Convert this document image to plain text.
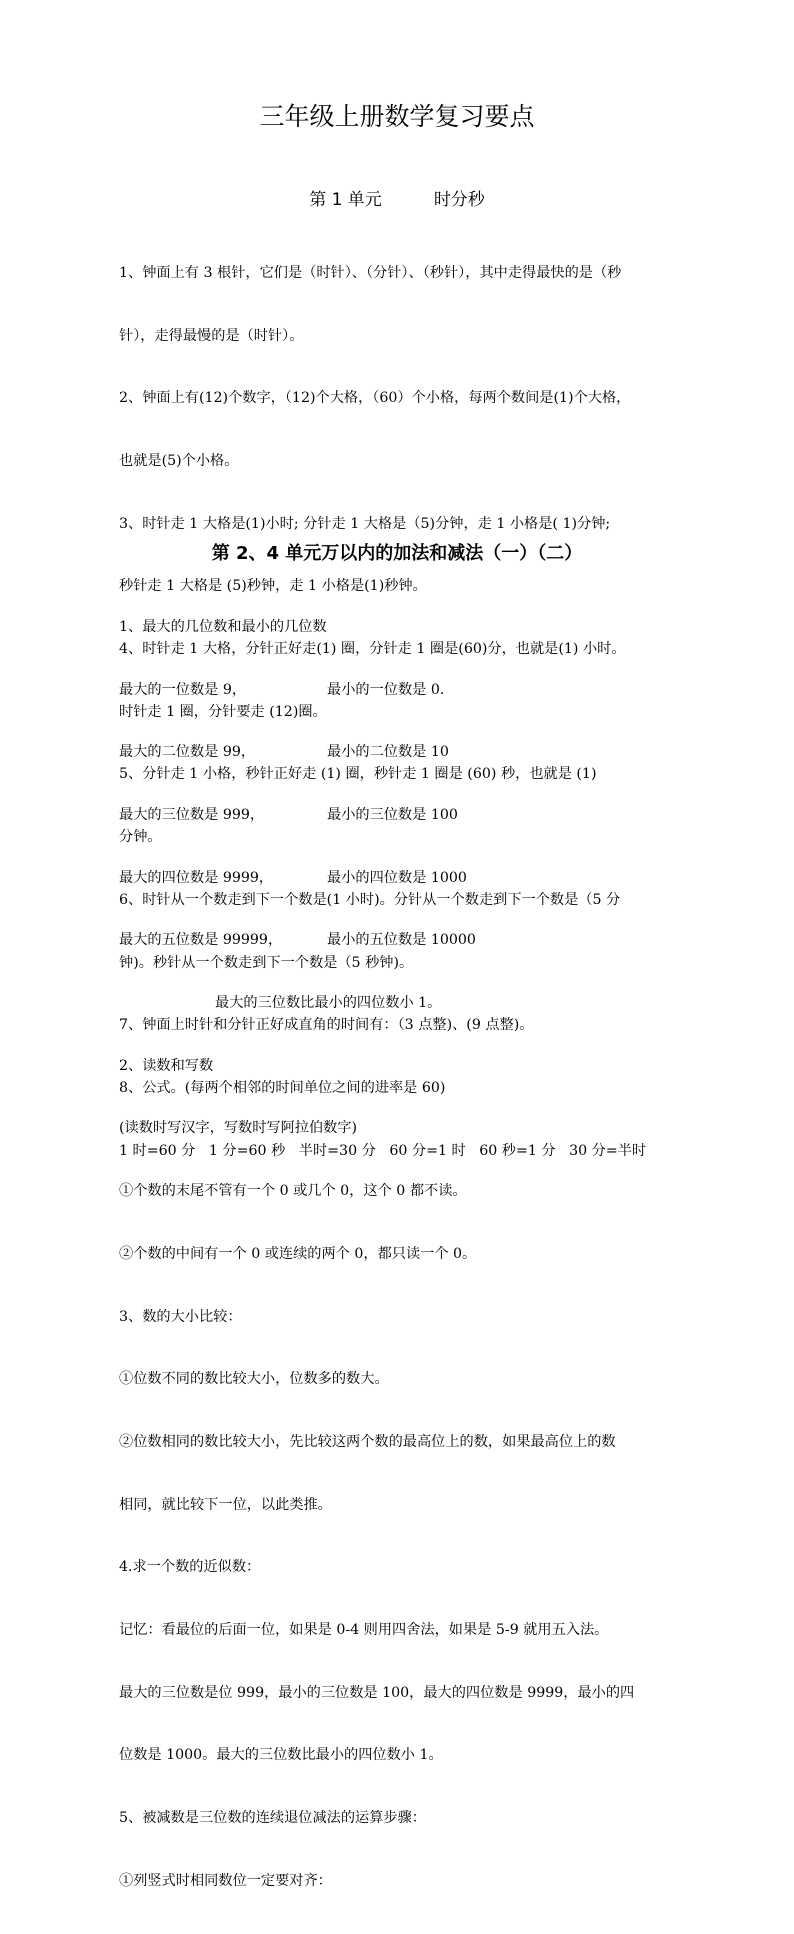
三年级上册数学复习要点
第 1 单元	时分秒

1、钟面上有 3 根针，它们是（时针）、（分针）、（秒针），其中走得最快的是（秒

针），走得最慢的是（时针）。

2、钟面上有(12)个数字，（12)个大格，（60）个小格，每两个数间是(1)个大格，

也就是(5)个小格。

3、时针走 1 大格是(1)小时; 分针走 1 大格是（5)分钟，走 1 小格是( 1)分钟;

秒针走 1 大格是 (5)秒钟，走 1 小格是(1)秒钟。

4、时针走 1 大格，分针正好走(1) 圈，分针走 1 圈是(60)分，也就是(1) 小时。

时针走 1 圈，分针要走 (12)圈。

5、分针走 1 小格，秒针正好走 (1) 圈，秒针走 1 圈是 (60) 秒，也就是 (1)

分钟。

6、时针从一个数走到下一个数是(1 小时)。分针从一个数走到下一个数是（5 分

钟)。秒针从一个数走到下一个数是（5 秒钟)。

7、钟面上时针和分针正好成直角的时间有：（3 点整)、(9 点整)。

8、公式。(每两个相邻的时间单位之间的进率是 60)

1 时=60 分   1 分=60 秒   半时=30 分   60 分=1 时   60 秒=1 分   30 分=半时

第 2、4 单元万以内的加法和减法（一）（二）

1、最大的几位数和最小的几位数

最大的一位数是 9，	最小的一位数是 0.

最大的二位数是 99，	最小的二位数是 10

最大的三位数是 999，	最小的三位数是 100

最大的四位数是 9999，	最小的四位数是 1000

最大的五位数是 99999，	最小的五位数是 10000

最大的三位数比最小的四位数小 1。

2、读数和写数

(读数时写汉字，写数时写阿拉伯数字)

①个数的末尾不管有一个 0 或几个 0，这个 0 都不读。

②个数的中间有一个 0 或连续的两个 0，都只读一个 0。

3、数的大小比较：

①位数不同的数比较大小，位数多的数大。

②位数相同的数比较大小，先比较这两个数的最高位上的数，如果最高位上的数

相同，就比较下一位，以此类推。

4.求一个数的近似数：

记忆：看最位的后面一位，如果是 0-4 则用四舍法，如果是 5-9 就用五入法。

最大的三位数是位 999，最小的三位数是 100，最大的四位数是 9999，最小的四

位数是 1000。最大的三位数比最小的四位数小 1。

5、被减数是三位数的连续退位减法的运算步骤：

①列竖式时相同数位一定要对齐：
